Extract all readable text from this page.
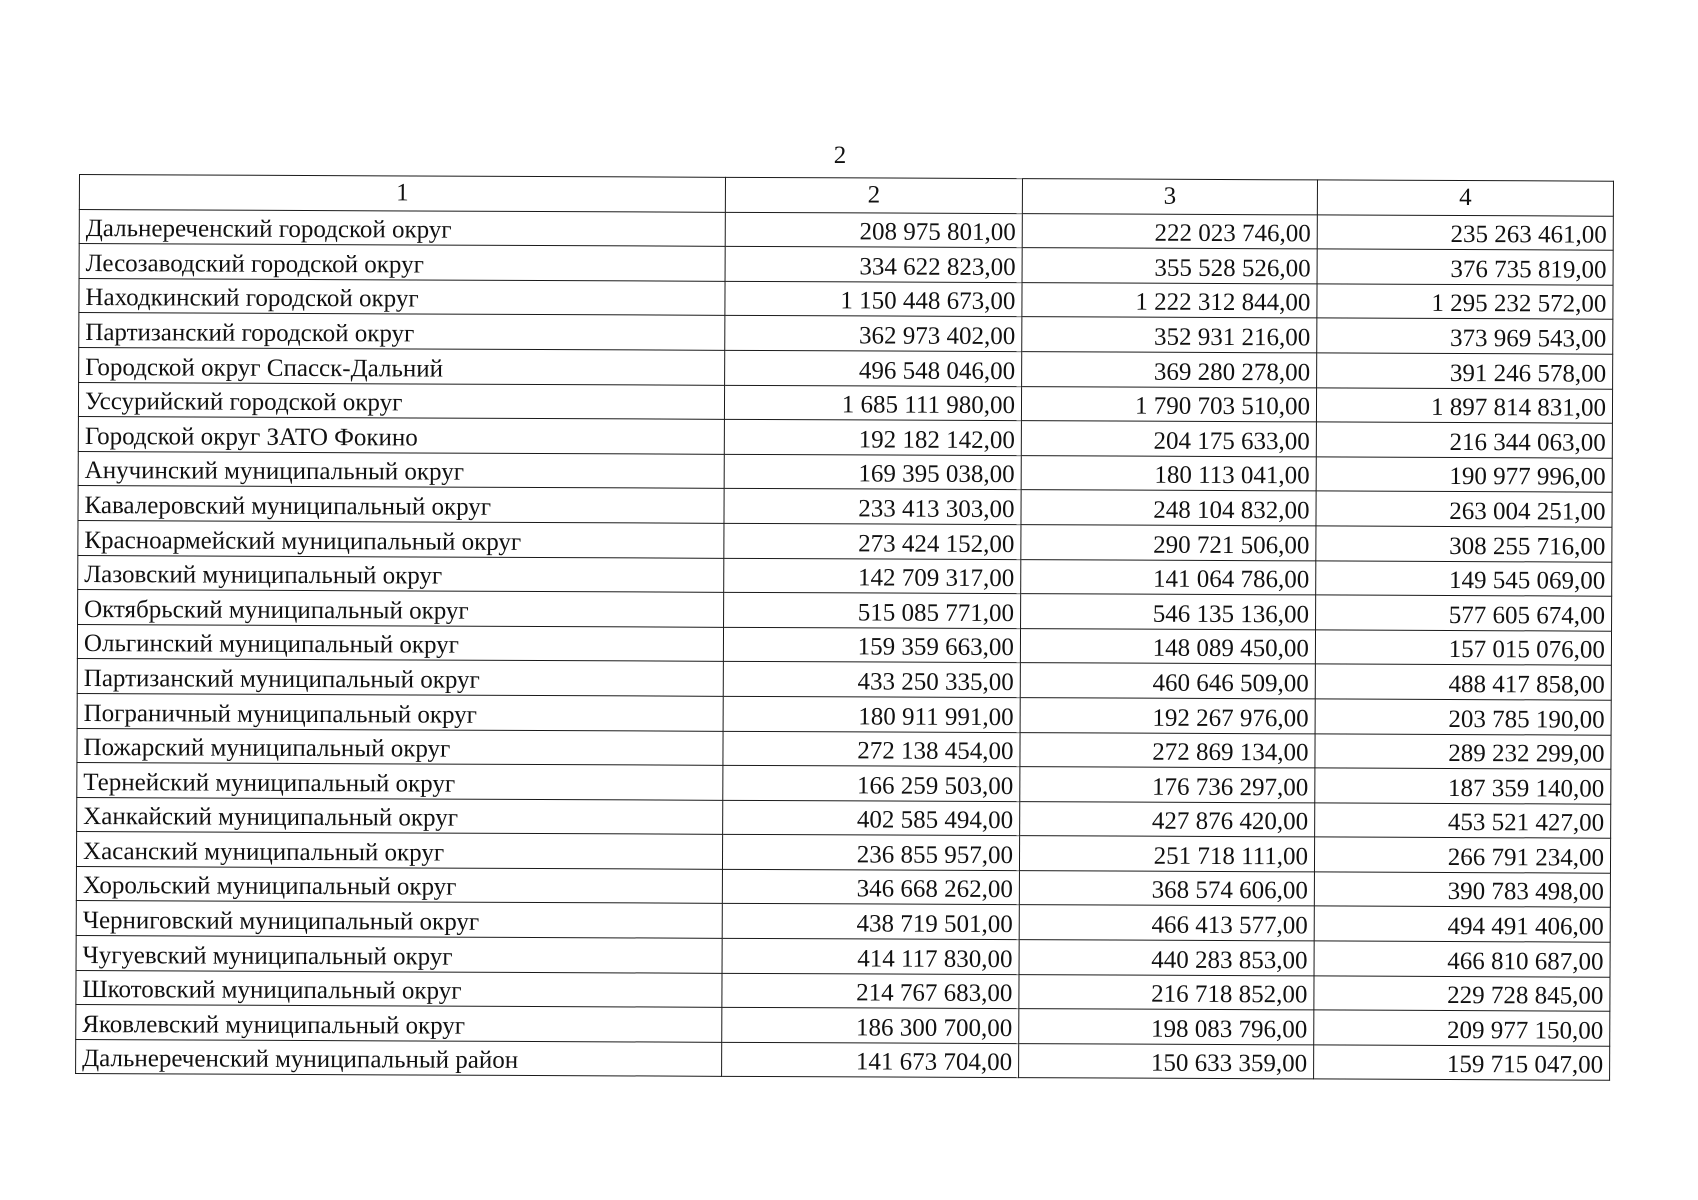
2
1	2	3	4
Дальнереченский городской округ	208 975 801,00	222 023 746,00	235 263 461,00
Лесозаводский городской округ	334 622 823,00	355 528 526,00	376 735 819,00
Находкинский городской округ	1 150 448 673,00	1 222 312 844,00	1 295 232 572,00
Партизанский городской округ	362 973 402,00	352 931 216,00	373 969 543,00
Городской округ Спасск-Дальний	496 548 046,00	369 280 278,00	391 246 578,00
Уссурийский городской округ	1 685 111 980,00	1 790 703 510,00	1 897 814 831,00
Городской округ ЗАТО Фокино	192 182 142,00	204 175 633,00	216 344 063,00
Анучинский муниципальный округ	169 395 038,00	180 113 041,00	190 977 996,00
Кавалеровский муниципальный округ	233 413 303,00	248 104 832,00	263 004 251,00
Красноармейский муниципальный округ	273 424 152,00	290 721 506,00	308 255 716,00
Лазовский муниципальный округ	142 709 317,00	141 064 786,00	149 545 069,00
Октябрьский муниципальный округ	515 085 771,00	546 135 136,00	577 605 674,00
Ольгинский муниципальный округ	159 359 663,00	148 089 450,00	157 015 076,00
Партизанский муниципальный округ	433 250 335,00	460 646 509,00	488 417 858,00
Пограничный муниципальный округ	180 911 991,00	192 267 976,00	203 785 190,00
Пожарский муниципальный округ	272 138 454,00	272 869 134,00	289 232 299,00
Тернейский муниципальный округ	166 259 503,00	176 736 297,00	187 359 140,00
Ханкайский муниципальный округ	402 585 494,00	427 876 420,00	453 521 427,00
Хасанский муниципальный округ	236 855 957,00	251 718 111,00	266 791 234,00
Хорольский муниципальный округ	346 668 262,00	368 574 606,00	390 783 498,00
Черниговский муниципальный округ	438 719 501,00	466 413 577,00	494 491 406,00
Чугуевский муниципальный округ	414 117 830,00	440 283 853,00	466 810 687,00
Шкотовский муниципальный округ	214 767 683,00	216 718 852,00	229 728 845,00
Яковлевский муниципальный округ	186 300 700,00	198 083 796,00	209 977 150,00
Дальнереченский муниципальный район	141 673 704,00	150 633 359,00	159 715 047,00
